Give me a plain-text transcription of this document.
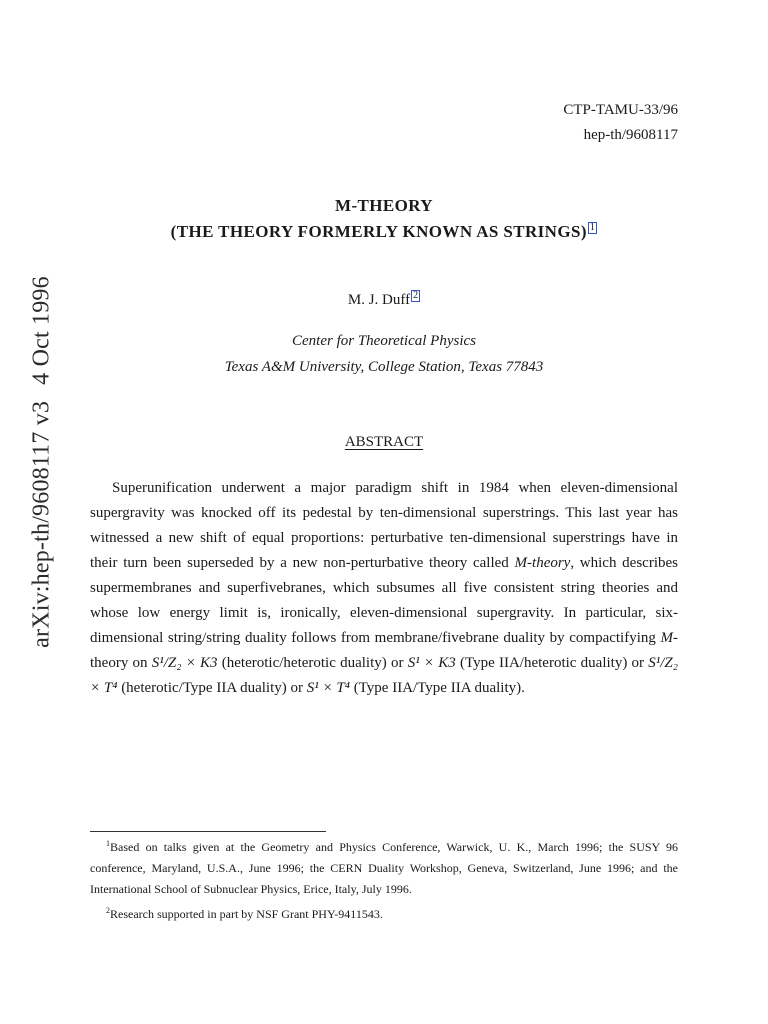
arXiv:hep-th/9608117 v34 Oct 1996
CTP-TAMU-33/96
hep-th/9608117
M-THEORY
(THE THEORY FORMERLY KNOWN AS STRINGS) 1
M. J. Duff 2
Center for Theoretical Physics
Texas A&M University, College Station, Texas 77843
ABSTRACT
Superunification underwent a major paradigm shift in 1984 when eleven-dimensional supergravity was knocked off its pedestal by ten-dimensional superstrings. This last year has witnessed a new shift of equal proportions: perturbative ten-dimensional superstrings have in their turn been superseded by a new non-perturbative theory called M-theory, which describes supermembranes and superfivebranes, which subsumes all five consistent string theories and whose low energy limit is, ironically, eleven-dimensional supergravity. In particular, six-dimensional string/string duality follows from membrane/fivebrane duality by compactifying M-theory on S¹/Z₂ × K3 (heterotic/heterotic duality) or S¹ × K3 (Type IIA/heterotic duality) or S¹/Z₂ × T⁴ (heterotic/Type IIA duality) or S¹ × T⁴ (Type IIA/Type IIA duality).

$^1$Based on talks given at the Geometry and Physics Conference, Warwick, U. K., March 1996; the SUSY 96 conference, Maryland, U.S.A., June 1996; the CERN Duality Workshop, Geneva, Switzerland, June 1996; and the International School of Subnuclear Physics, Erice, Italy, July 1996.

$^2$Research supported in part by NSF Grant PHY-9411543.
